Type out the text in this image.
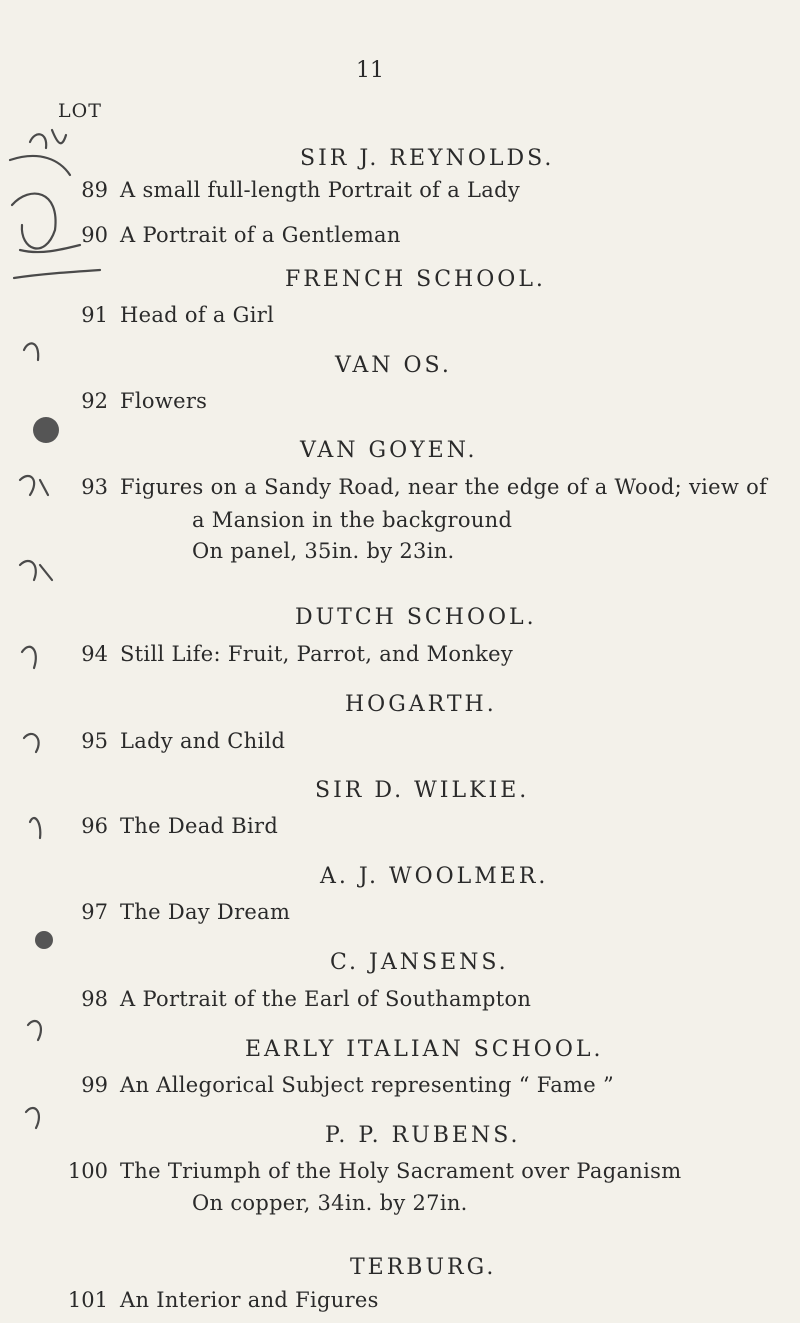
11
LOT
SIR J. REYNOLDS.
89 A small full-length Portrait of a Lady
90 A Portrait of a Gentleman
FRENCH SCHOOL.
91 Head of a Girl
VAN OS.
92 Flowers
VAN GOYEN.
93 Figures on a Sandy Road, near the edge of a Wood; view of
a Mansion in the background
On panel, 35in. by 23in.
DUTCH SCHOOL.
94 Still Life: Fruit, Parrot, and Monkey
HOGARTH.
95 Lady and Child
SIR D. WILKIE.
96 The Dead Bird
A. J. WOOLMER.
97 The Day Dream
C. JANSENS.
98 A Portrait of the Earl of Southampton
EARLY ITALIAN SCHOOL.
99 An Allegorical Subject representing “ Fame ”
P. P. RUBENS.
100 The Triumph of the Holy Sacrament over Paganism
On copper, 34in. by 27in.
TERBURG.
101 An Interior and Figures
